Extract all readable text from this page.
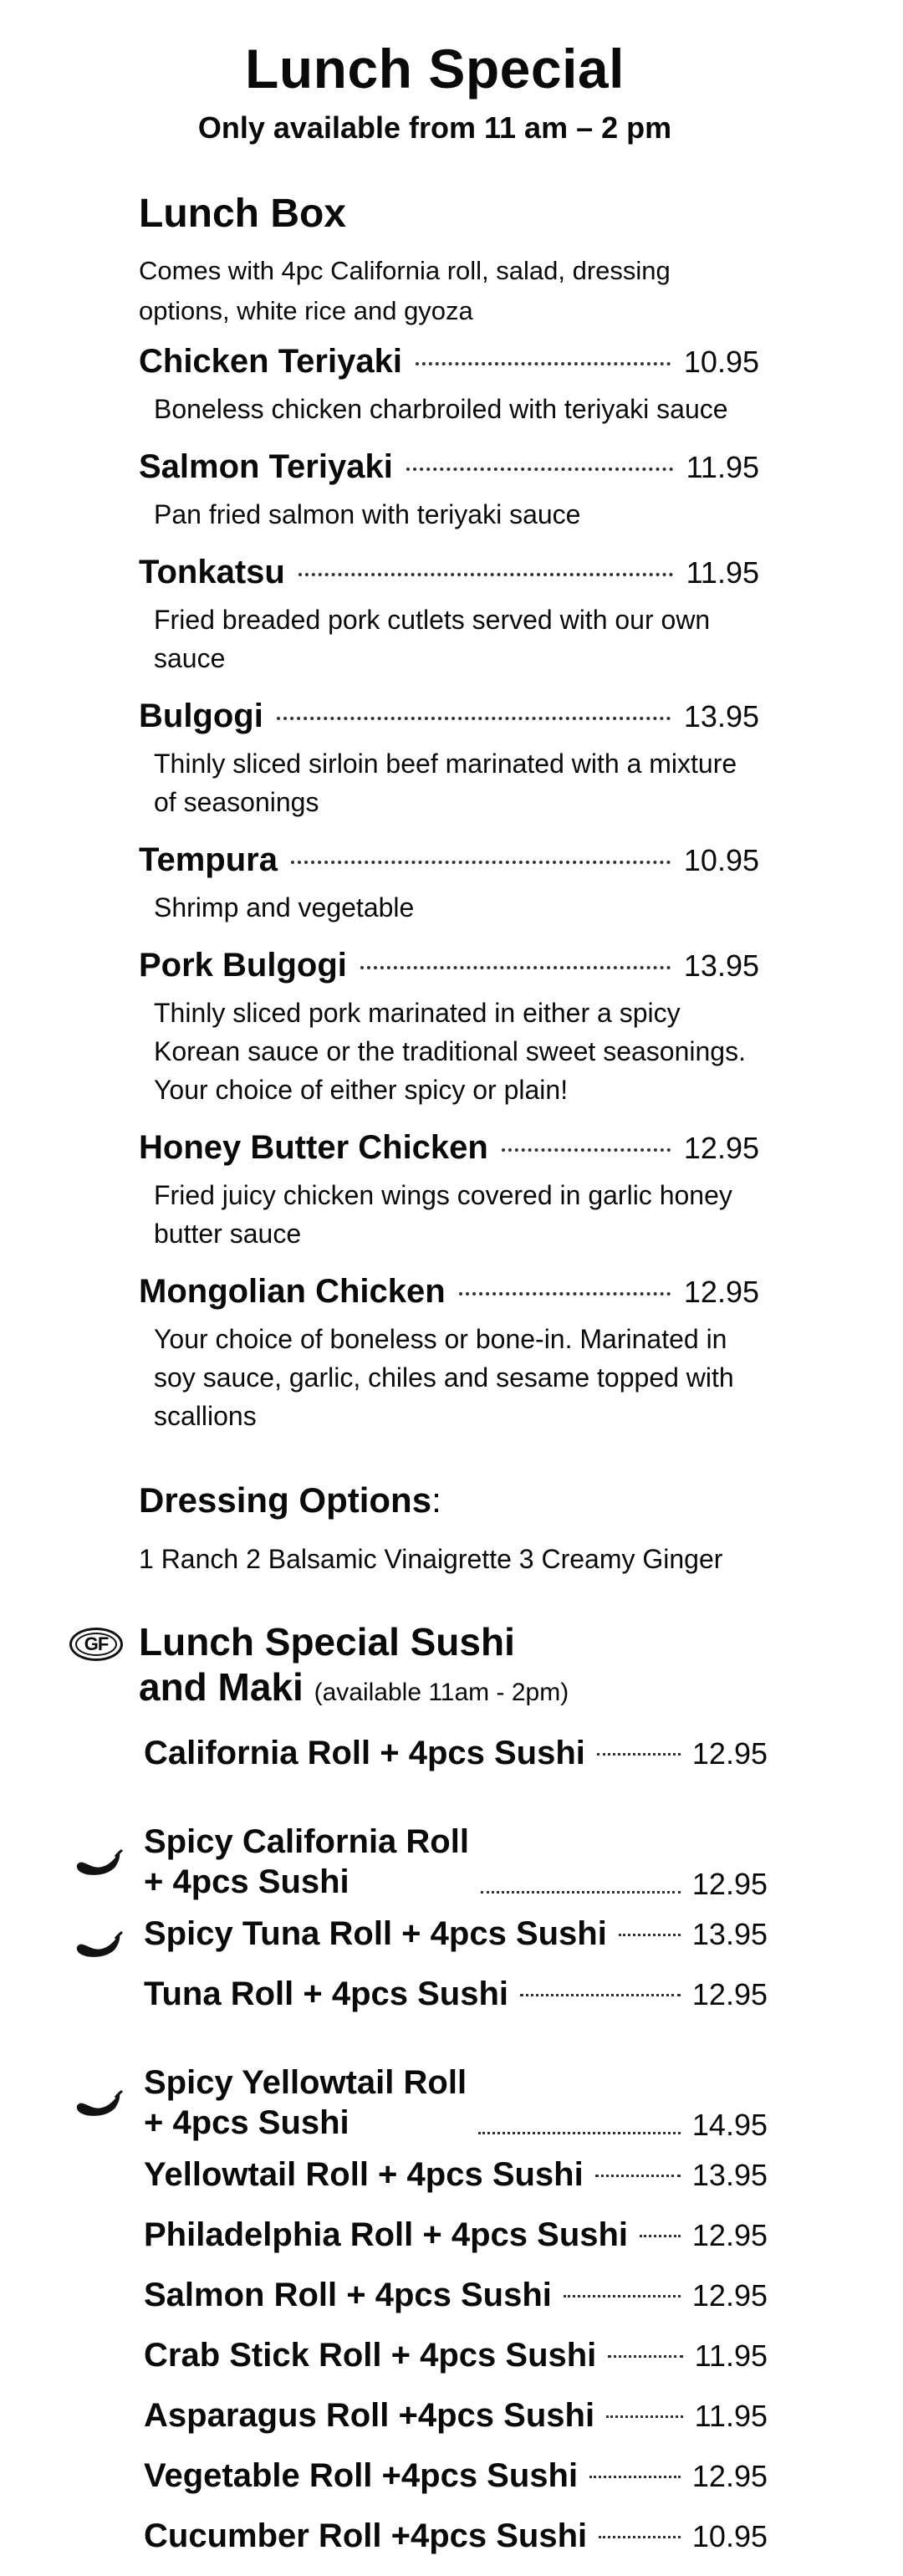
Lunch Special
Only available from 11 am – 2 pm
Lunch Box
Comes with 4pc California roll, salad, dressing options, white rice and gyoza
Chicken Teriyaki	10.95
Boneless chicken charbroiled with teriyaki sauce
Salmon Teriyaki	11.95
Pan fried salmon with teriyaki sauce
Tonkatsu	11.95
Fried breaded pork cutlets served with our own sauce
Bulgogi	13.95
Thinly sliced sirloin beef marinated with a mixture of seasonings
Tempura	10.95
Shrimp and vegetable
Pork Bulgogi	13.95
Thinly sliced pork marinated in either a spicy Korean sauce or the traditional sweet seasonings. Your choice of either spicy or plain!
Honey Butter Chicken	12.95
Fried juicy chicken wings covered in garlic honey butter sauce
Mongolian Chicken	12.95
Your choice of boneless or bone-in. Marinated in soy sauce, garlic, chiles and sesame topped with scallions
Dressing Options:
1 Ranch 2 Balsamic Vinaigrette 3 Creamy Ginger
GF Lunch Special Sushi
and Maki (available 11am - 2pm)
California Roll + 4pcs Sushi	12.95
Spicy California Roll
+ 4pcs Sushi	12.95
Spicy Tuna Roll + 4pcs Sushi	13.95
Tuna Roll + 4pcs Sushi	12.95
Spicy Yellowtail Roll
+ 4pcs Sushi	14.95
Yellowtail Roll + 4pcs Sushi	13.95
Philadelphia Roll + 4pcs Sushi 12.95
Salmon Roll + 4pcs Sushi	12.95
Crab Stick Roll + 4pcs Sushi	11.95
Asparagus Roll +4pcs Sushi	11.95
Vegetable Roll +4pcs Sushi	12.95
Cucumber Roll +4pcs Sushi	10.95
